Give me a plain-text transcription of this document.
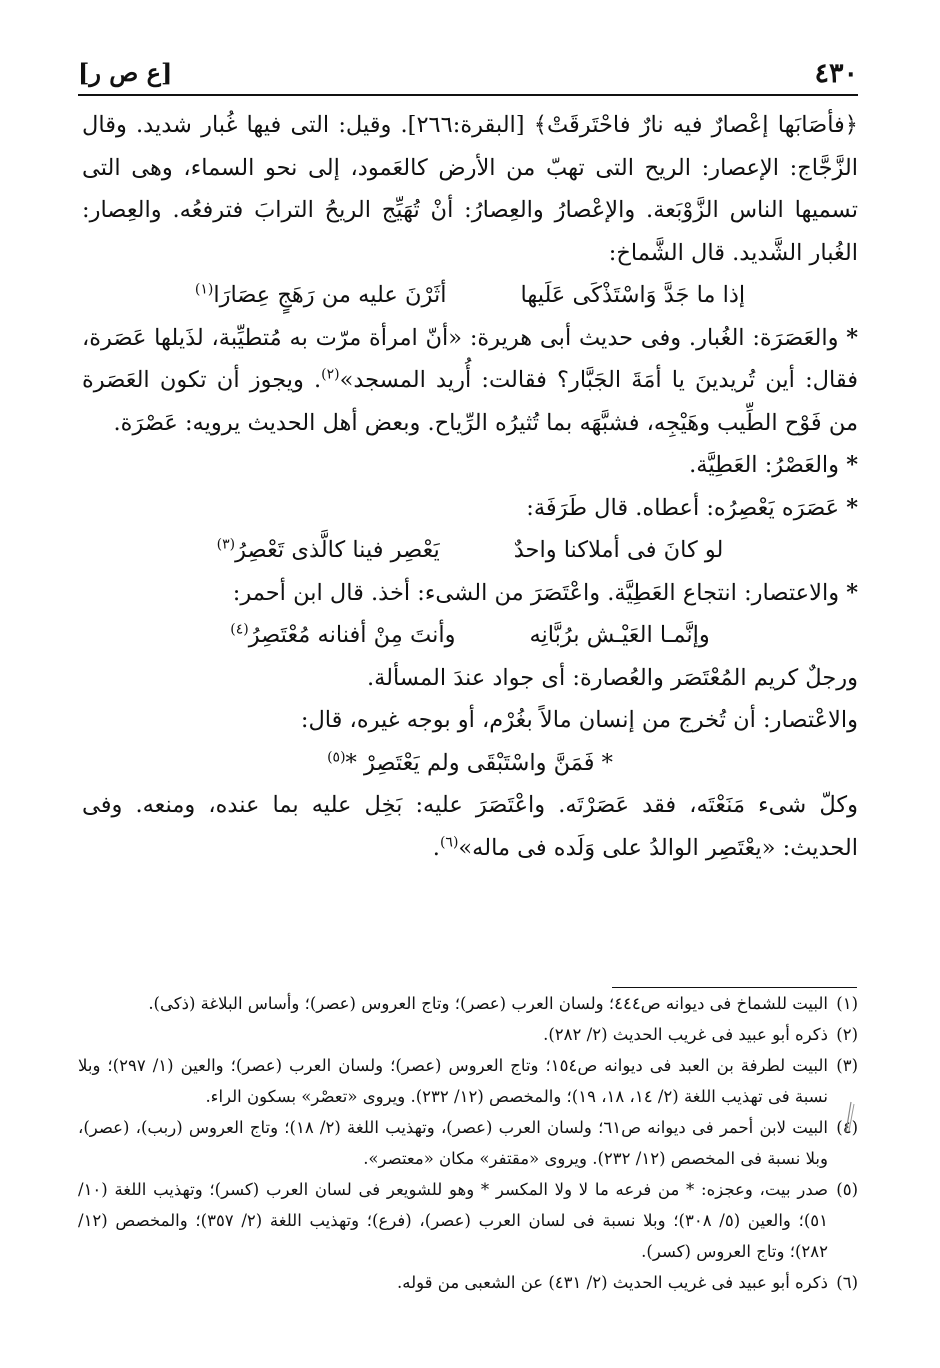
٤٣٠
[ع ص ر]

﴿فأصَابَها إعْصارٌ فيه نارٌ فاحْتَرقَتْ﴾ [البقرة:٢٦٦]. وقيل: التى فيها غُبار شديد. وقال الزَّجَّاج: الإعصار: الريح التى تهبّ من الأرض كالعَمود، إلى نحو السماء، وهى التى تسميها الناس الزَّوْبَعة. والإعْصارُ والعِصارُ: أنْ تُهَيِّج الريحُ الترابَ فترفعُه. والعِصار: الغُبار الشَّديد. قال الشَّماخ:

إذا ما جَدَّ وَاسْتَذْكَى عَلَيها
أثَرْنَ عليه من رَهَجٍ عِصَارَا$^{(١)}$

* والعَصَرَة: الغُبار. وفى حديث أبى هريرة: «أنّ امرأة مرّت به مُتطيِّبة، لذَيلها عَصَرة، فقال: أين تُريدينَ يا أمَةَ الجَبَّار؟ فقالت: أُريد المسجد»$^{(٢)}$. ويجوز أن تكون العَصَرة من فَوْح الطِّيب وهَيْجِه، فشبَّهَه بما تُثيرُه الرِّياح. وبعض أهل الحديث يرويه: عَصْرَة.

* والعَصْرُ: العَطِيَّة.

* عَصَرَه يَعْصِرُه: أعطاه. قال طَرَفَة:

لو كانَ فى أملاكنا واحدٌ
يَعْصِر فينا كالَّذى تَعْصِرُ$^{(٣)}$

* والاعتصار: انتجاع العَطِيَّة. واعْتَصَرَ من الشىء: أخذ. قال ابن أحمر:

وإنَّمـا العَيْـش برُبَّانِه
وأنتَ مِنْ أفنانه مُعْتَصِرُ$^{(٤)}$

ورجلٌ كريم المُعْتَصَر والعُصارة: أى جواد عندَ المسألة.

والاعْتصار: أن تُخرج من إنسان مالاً بغُرْم، أو بوجه غيره، قال:

* فَمَنَّ واسْتَبْقَى ولم يَعْتَصِرْ *$^{(٥)}$

وكلّ شىء مَنَعْتَه، فقد عَصَرْتَه. واعْتَصَرَ عليه: بَخِل عليه بما عنده، ومنعه. وفى الحديث: «يعْتَصِر الوالدُ على وَلَده فى ماله»$^{(٦)}$.

(١)
البيت للشماخ فى ديوانه ص٤٤٤؛ ولسان العرب (عصر)؛ وتاج العروس (عصر)؛ وأساس البلاغة (ذكى).
(٢)
ذكره أبو عبيد فى غريب الحديث (٢/ ٢٨٢).
(٣)
البيت لطرفة بن العبد فى ديوانه ص١٥٤؛ وتاج العروس (عصر)؛ ولسان العرب (عصر)؛ والعين (١/ ٢٩٧)؛ وبلا نسبة فى تهذيب اللغة (٢/ ١٤، ١٨، ١٩)؛ والمخصص (١٢/ ٢٣٢). ويروى «تعصْر» بسكون الراء.
(٤)
البيت لابن أحمر فى ديوانه ص٦١؛ ولسان العرب (عصر)، وتهذيب اللغة (٢/ ١٨)؛ وتاج العروس (ربب)، (عصر)، وبلا نسبة فى المخصص (١٢/ ٢٣٢). ويروى «مقتفر» مكان «معتصر».
(٥)
صدر بيت، وعجزه: * من فرعه ما لا ولا المكسر * وهو للشويعر فى لسان العرب (كسر)؛ وتهذيب اللغة (١٠/ ٥١)؛ والعين (٥/ ٣٠٨)؛ وبلا نسبة فى لسان العرب (عصر)، (فرع)؛ وتهذيب اللغة (٢/ ٣٥٧)؛ والمخصص (١٢/ ٢٨٢)؛ وتاج العروس (كسر).
(٦)
ذكره أبو عبيد فى غريب الحديث (٢/ ٤٣١) عن الشعبى من قوله.
